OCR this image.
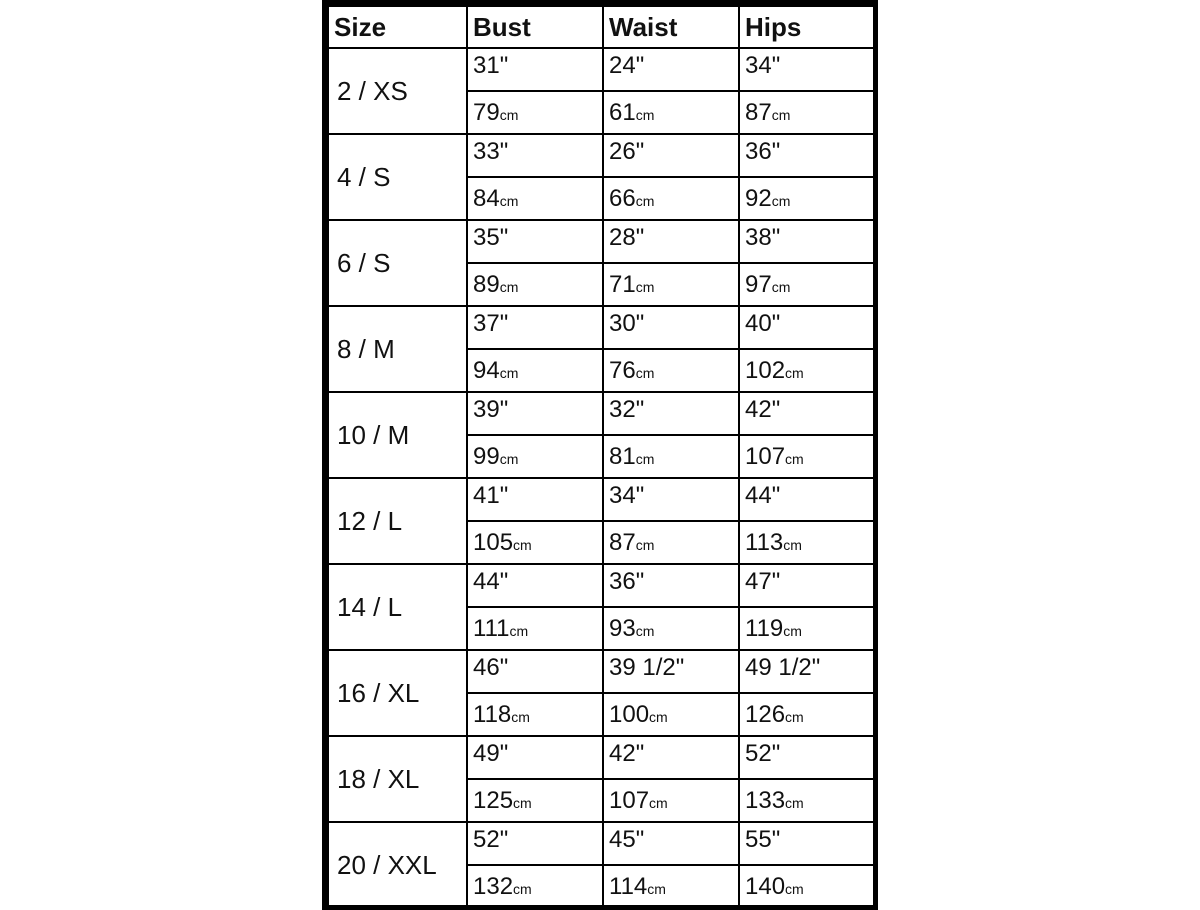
Size	Bust	Waist	Hips
2 / XS	31"	24"	34"
	79cm	61cm	87cm
4 / S	33"	26"	36"
	84cm	66cm	92cm
6 / S	35"	28"	38"
	89cm	71cm	97cm
8 / M	37"	30"	40"
	94cm	76cm	102cm
10 / M	39"	32"	42"
	99cm	81cm	107cm
12 / L	41"	34"	44"
	105cm	87cm	113cm
14 / L	44"	36"	47"
	111cm	93cm	119cm
16 / XL	46"	39 1/2"	49 1/2"
	118cm	100cm	126cm
18 / XL	49"	42"	52"
	125cm	107cm	133cm
20 / XXL	52"	45"	55"
	132cm	114cm	140cm
